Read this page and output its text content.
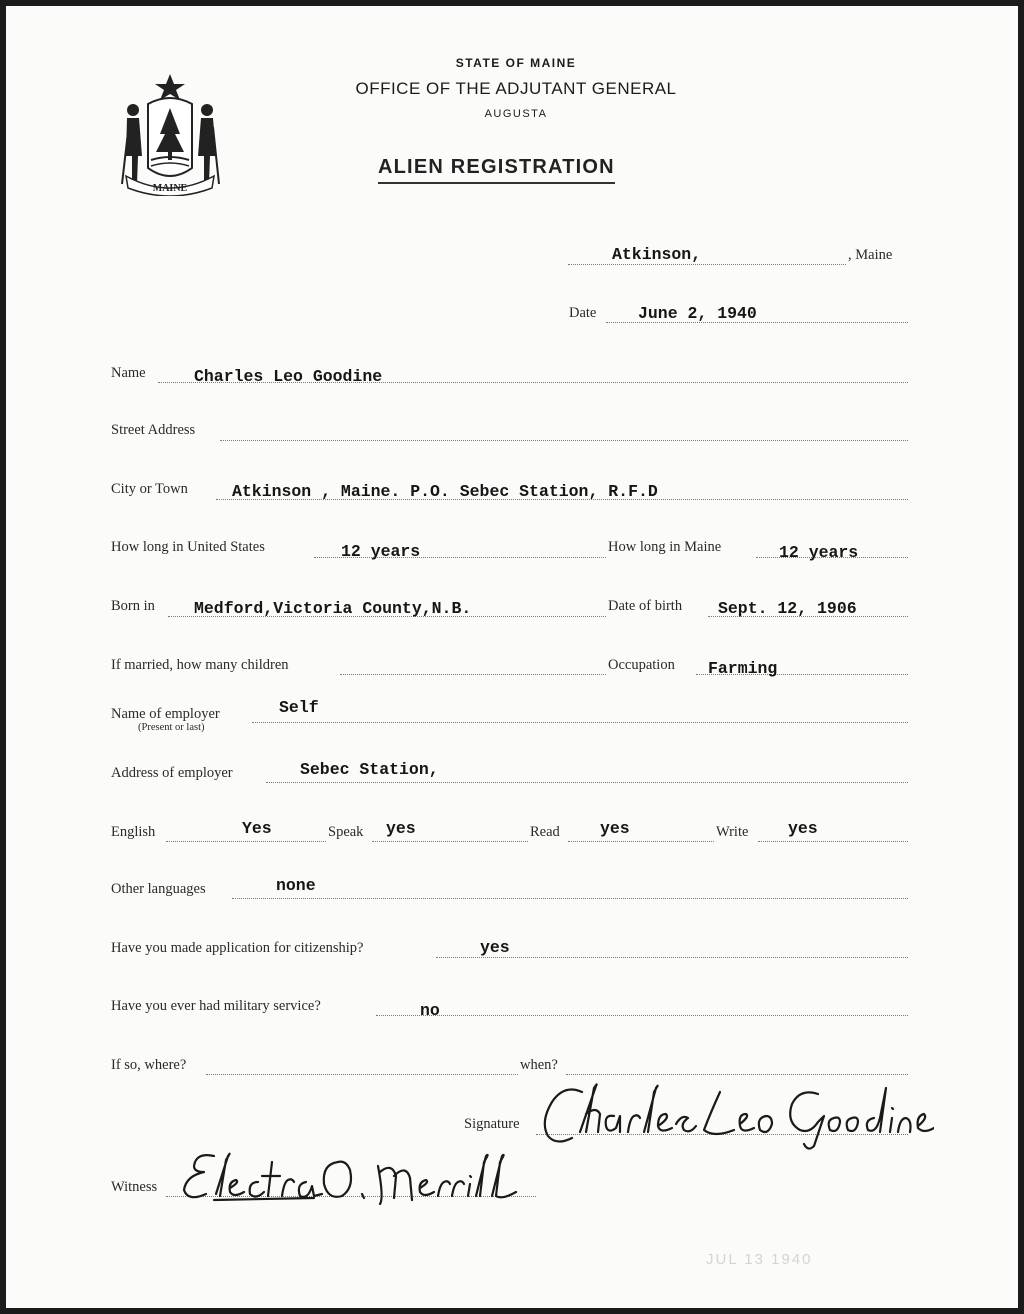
MAINE
STATE OF MAINE
OFFICE OF THE ADJUTANT GENERAL
AUGUSTA
ALIEN REGISTRATION
Atkinson,	, Maine
Date	June 2, 1940
Name	Charles Leo Goodine
Street Address
City or Town	Atkinson , Maine. P.O. Sebec Station, R.F.D
How long in United States	12 years	How long in Maine	12 years
Born in Medford,Victoria County,N.B.	Date of birth Sept. 12, 1906
If married, how many children	Occupation Farming
Name of employer
(Present or last)
Self
Address of employer	Sebec Station,
English	Yes	Speak yes	Read yes	Write yes
Other languages	none
Have you made application for citizenship?	yes
Have you ever had military service?	no
If so, where?	when?
Signature
Witness
JUL 13 1940
